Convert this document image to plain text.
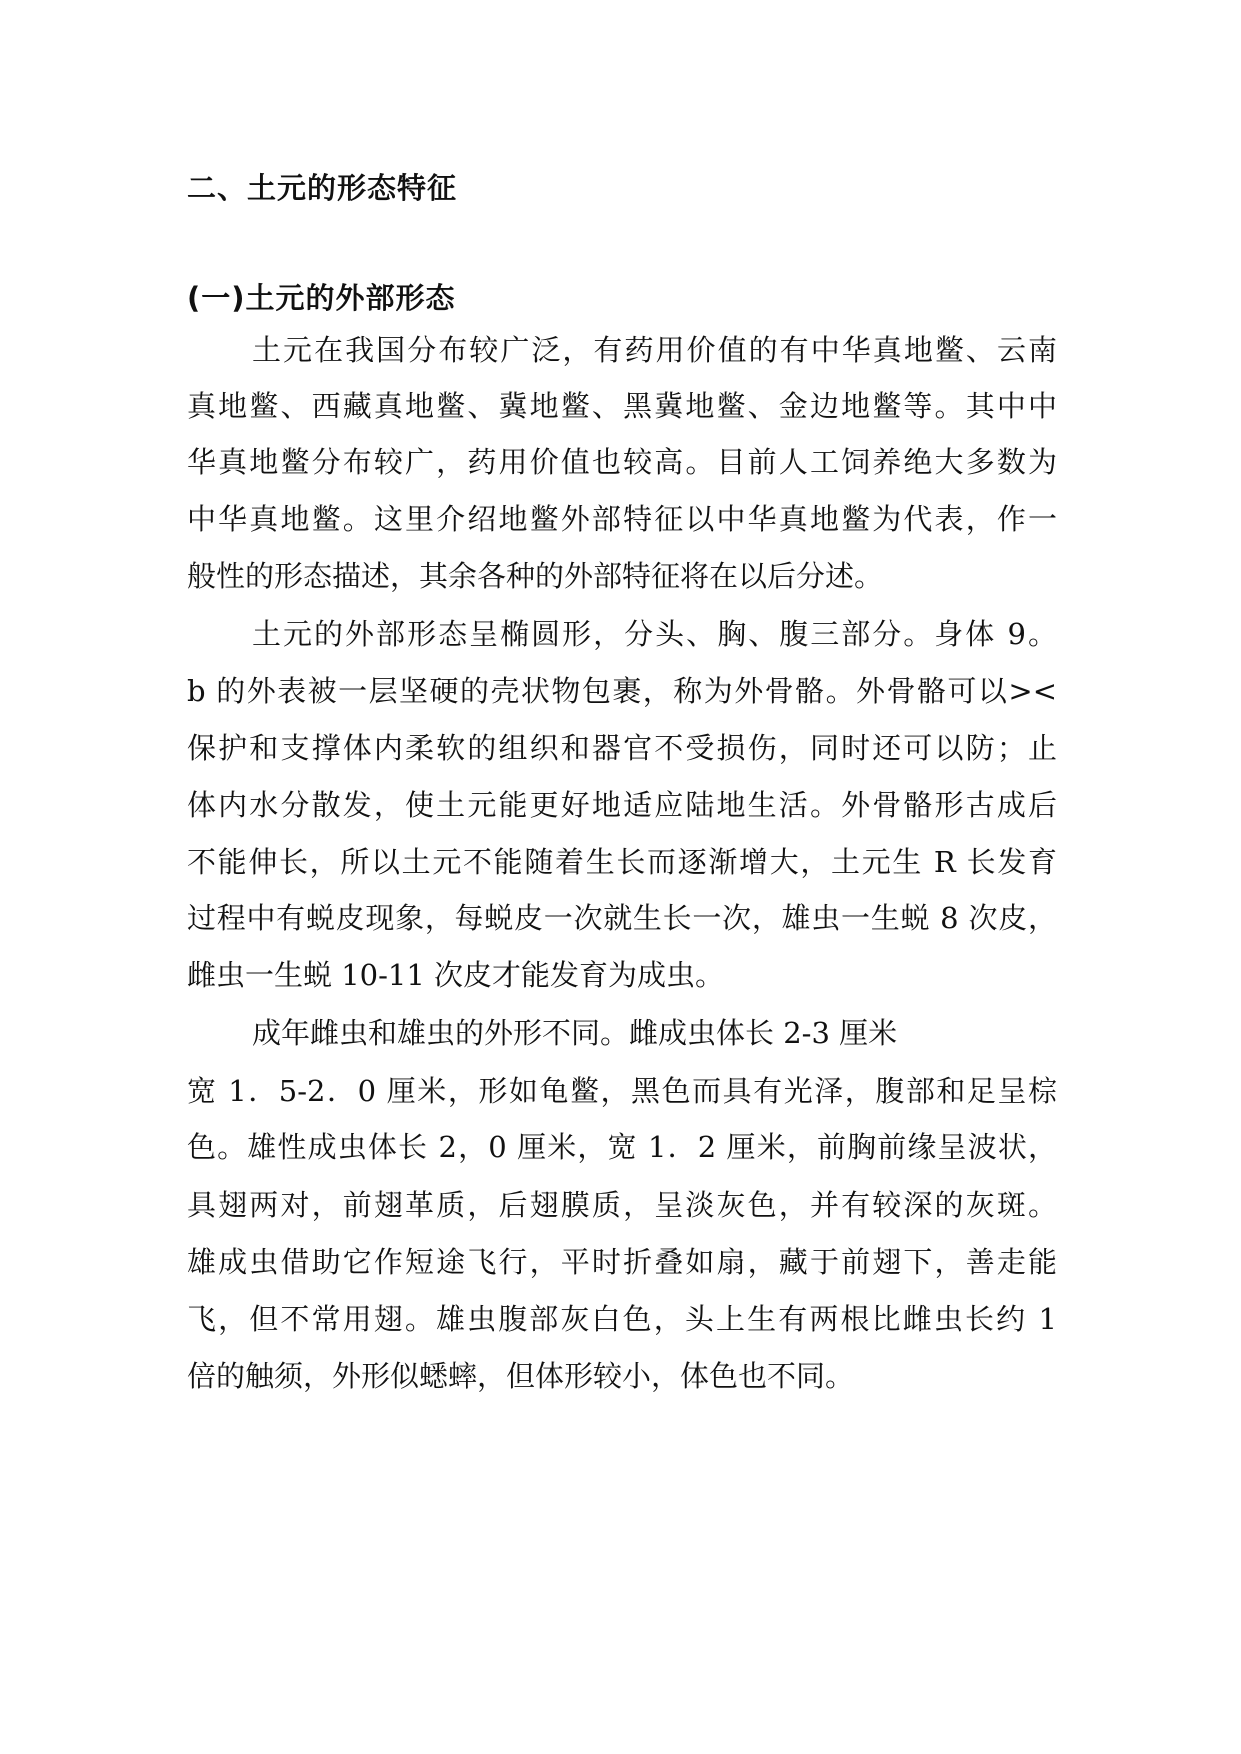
二、土元的形态特征
(一)土元的外部形态
土元在我国分布较广泛，有药用价值的有中华真地鳖、云南
真地鳖、西藏真地鳖、冀地鳖、黑冀地鳖、金边地鳖等。其中中
华真地鳖分布较广，药用价值也较高。目前人工饲养绝大多数为
中华真地鳖。这里介绍地鳖外部特征以中华真地鳖为代表，作一
般性的形态描述，其余各种的外部特征将在以后分述。
土元的外部形态呈椭圆形，分头、胸、腹三部分。身体 9。
b 的外表被一层坚硬的壳状物包裹，称为外骨骼。外骨骼可以><
保护和支撑体内柔软的组织和器官不受损伤，同时还可以防；止
体内水分散发，使土元能更好地适应陆地生活。外骨骼形古成后
不能伸长，所以土元不能随着生长而逐渐增大，土元生 R 长发育
过程中有蜕皮现象，每蜕皮一次就生长一次，雄虫一生蜕 8 次皮，
雌虫一生蜕 10-11 次皮才能发育为成虫。
成年雌虫和雄虫的外形不同。雌成虫体长 2-3 厘米
宽 1．5-2．0 厘米，形如龟鳖，黑色而具有光泽，腹部和足呈棕
色。雄性成虫体长 2，0 厘米，宽 1．2 厘米，前胸前缘呈波状，
具翅两对，前翅革质，后翅膜质，呈淡灰色，并有较深的灰斑。
雄成虫借助它作短途飞行，平时折叠如扇，藏于前翅下，善走能
飞，但不常用翅。雄虫腹部灰白色，头上生有两根比雌虫长约 1
倍的触须，外形似蟋蟀，但体形较小，体色也不同。
